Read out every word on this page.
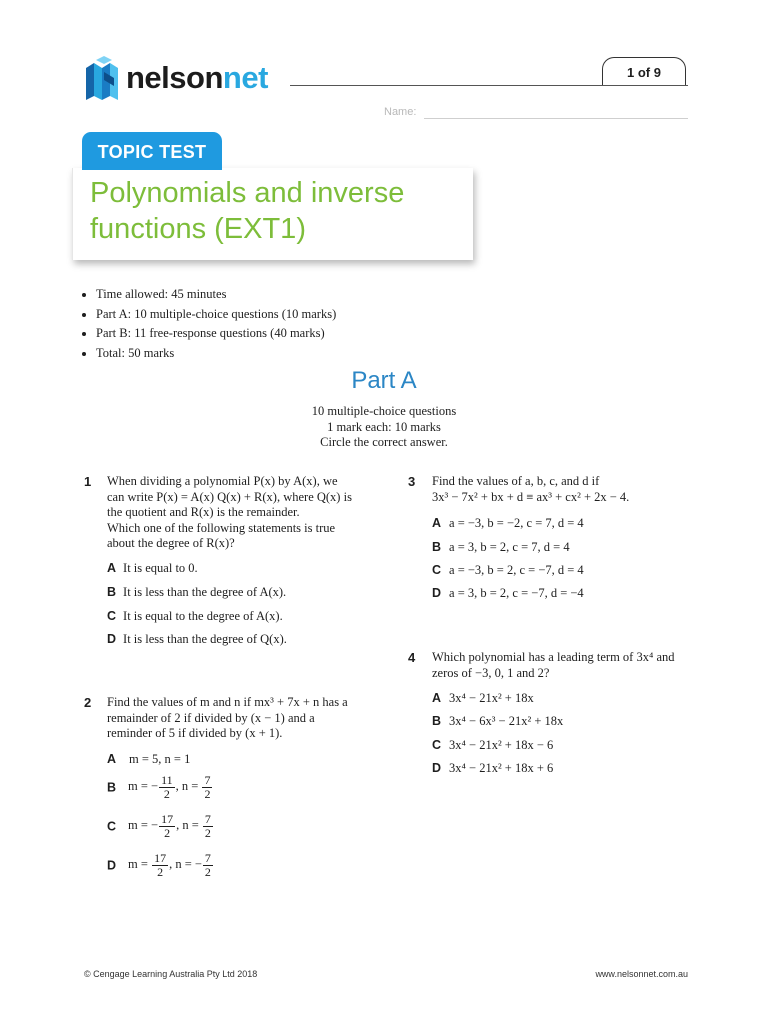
nelsonnet	1 of 9
Name:
TOPIC TEST
Polynomials and inverse
functions (EXT1)
• Time allowed: 45 minutes
• Part A: 10 multiple-choice questions (10 marks)
• Part B: 11 free-response questions (40 marks)
• Total: 50 marks
Part A
10 multiple-choice questions
1 mark each: 10 marks
Circle the correct answer.
1 When dividing a polynomial P(x) by A(x), we
can write P(x) = A(x) Q(x) + R(x), where Q(x) is
the quotient and R(x) is the remainder.
Which one of the following statements is true
about the degree of R(x)?
A It is equal to 0.
B It is less than the degree of A(x).
C It is equal to the degree of A(x).
D It is less than the degree of Q(x).
2 Find the values of m and n if mx³ + 7x + n has a
remainder of 2 if divided by (x − 1) and a
reminder of 5 if divided by (x + 1).
A m = 5, n = 1
B m = − $\frac{11}{2}$ , $n = \frac{7}{2}$
C m = − $\frac{17}{2}$ , $n = \frac{7}{2}$
D $m = \frac{17}{2}$ , n = − $\frac{7}{2}$
3 Find the values of a, b, c, and d if
3x³ − 7x² + bx + d ≡ ax³ + cx² + 2x − 4.
A a = −3, b = −2, c = 7, d = 4
B a = 3, b = 2, c = 7, d = 4
C a = −3, b = 2, c = −7, d = 4
D a = 3, b = 2, c = −7, d = −4
4 Which polynomial has a leading term of 3x⁴ and
zeros of −3, 0, 1 and 2?
A 3x⁴ − 21x² + 18x
B 3x⁴ − 6x³ − 21x² + 18x
C 3x⁴ − 21x² + 18x − 6
D 3x⁴ − 21x² + 18x + 6
© Cengage Learning Australia Pty Ltd 2018	www.nelsonnet.com.au
